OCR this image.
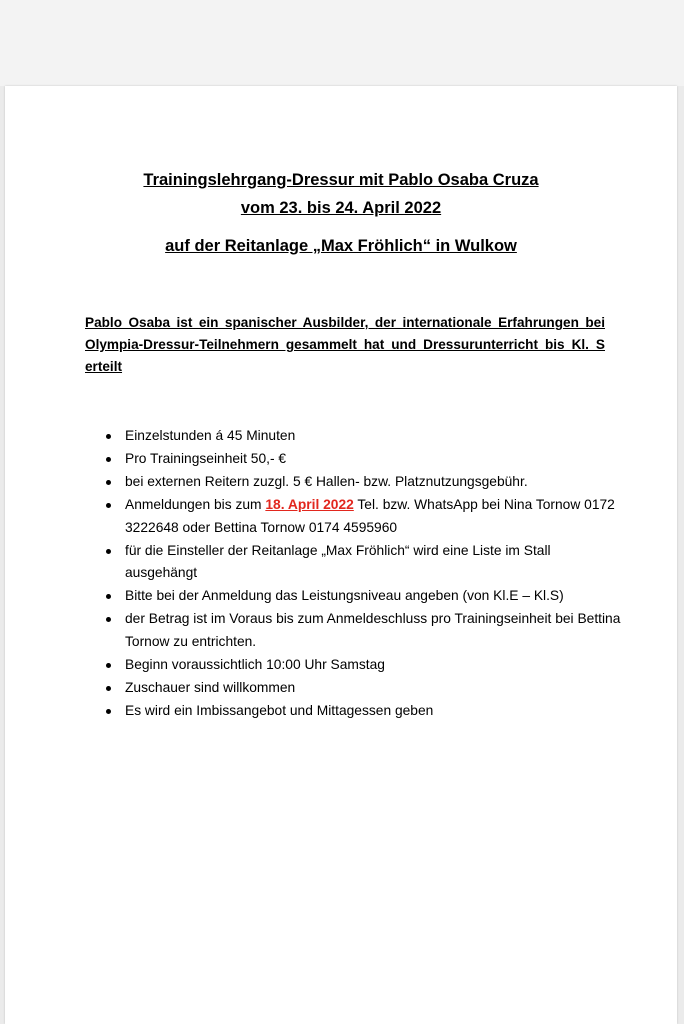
Trainingslehrgang-Dressur mit Pablo Osaba Cruza
vom 23. bis 24. April 2022
auf der Reitanlage „Max Fröhlich“ in Wulkow
Pablo Osaba ist ein spanischer Ausbilder, der internationale Erfahrungen bei Olympia-Dressur-Teilnehmern gesammelt hat und Dressurunterricht bis Kl. S erteilt
Einzelstunden á 45 Minuten
Pro Trainingseinheit 50,- €
bei externen Reitern zuzgl. 5 € Hallen- bzw. Platznutzungsgebühr.
Anmeldungen bis zum 18. April 2022 Tel. bzw. WhatsApp bei Nina Tornow 0172 3222648 oder Bettina Tornow 0174 4595960
für die Einsteller der Reitanlage „Max Fröhlich“ wird eine Liste im Stall ausgehängt
Bitte bei der Anmeldung das Leistungsniveau angeben (von Kl.E – Kl.S)
der Betrag ist im Voraus bis zum Anmeldeschluss pro Trainingseinheit bei Bettina Tornow zu entrichten.
Beginn voraussichtlich 10:00 Uhr Samstag
Zuschauer sind willkommen
Es wird ein Imbissangebot und Mittagessen geben
